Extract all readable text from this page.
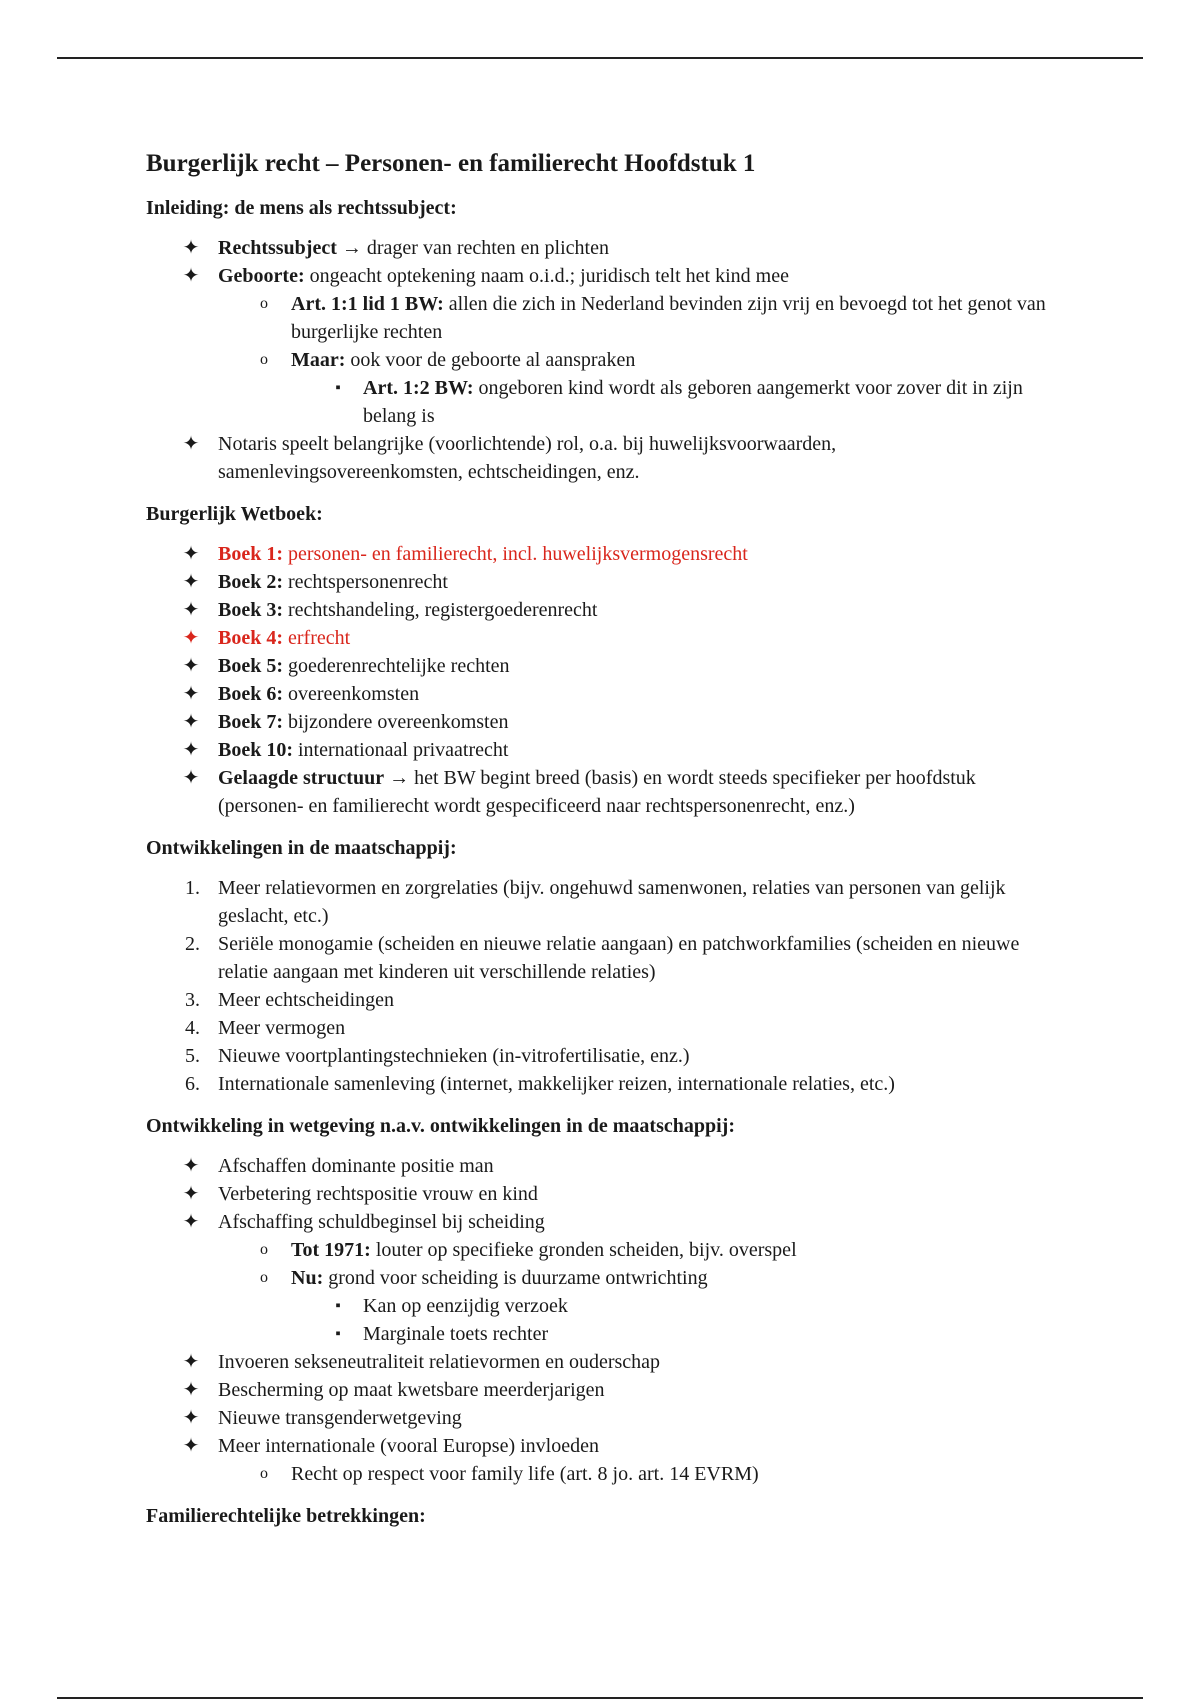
Burgerlijk recht – Personen- en familierecht Hoofdstuk 1
Inleiding: de mens als rechtssubject:
✦ Rechtssubject → drager van rechten en plichten
✦ Geboorte: ongeacht optekening naam o.i.d.; juridisch telt het kind mee
o	Art. 1:1 lid 1 BW: allen die zich in Nederland bevinden zijn vrij en bevoegd tot het genot van burgerlijke rechten
o	Maar: ook voor de geboorte al aanspraken
▪	Art. 1:2 BW: ongeboren kind wordt als geboren aangemerkt voor zover dit in zijn belang is
✦ Notaris speelt belangrijke (voorlichtende) rol, o.a. bij huwelijksvoorwaarden, samenlevingsovereenkomsten, echtscheidingen, enz.
Burgerlijk Wetboek:
✦ Boek 1: personen- en familierecht, incl. huwelijksvermogensrecht
✦ Boek 2: rechtspersonenrecht
✦ Boek 3: rechtshandeling, registergoederenrecht
✦ Boek 4: erfrecht
✦ Boek 5: goederenrechtelijke rechten
✦ Boek 6: overeenkomsten
✦ Boek 7: bijzondere overeenkomsten
✦ Boek 10: internationaal privaatrecht
✦ Gelaagde structuur → het BW begint breed (basis) en wordt steeds specifieker per hoofdstuk (personen- en familierecht wordt gespecificeerd naar rechtspersonenrecht, enz.)
Ontwikkelingen in de maatschappij:
1. Meer relatievormen en zorgrelaties (bijv. ongehuwd samenwonen, relaties van personen van gelijk geslacht, etc.)
2. Seriële monogamie (scheiden en nieuwe relatie aangaan) en patchworkfamilies (scheiden en nieuwe relatie aangaan met kinderen uit verschillende relaties)
3. Meer echtscheidingen
4. Meer vermogen
5. Nieuwe voortplantingstechnieken (in-vitrofertilisatie, enz.)
6. Internationale samenleving (internet, makkelijker reizen, internationale relaties, etc.)
Ontwikkeling in wetgeving n.a.v. ontwikkelingen in de maatschappij:
✦ Afschaffen dominante positie man
✦ Verbetering rechtspositie vrouw en kind
✦ Afschaffing schuldbeginsel bij scheiding
o	Tot 1971: louter op specifieke gronden scheiden, bijv. overspel
o	Nu: grond voor scheiding is duurzame ontwrichting
▪	Kan op eenzijdig verzoek
▪	Marginale toets rechter
✦ Invoeren sekseneutraliteit relatievormen en ouderschap
✦ Bescherming op maat kwetsbare meerderjarigen
✦ Nieuwe transgenderwetgeving
✦ Meer internationale (vooral Europse) invloeden
o	Recht op respect voor family life (art. 8 jo. art. 14 EVRM)
Familierechtelijke betrekkingen:
